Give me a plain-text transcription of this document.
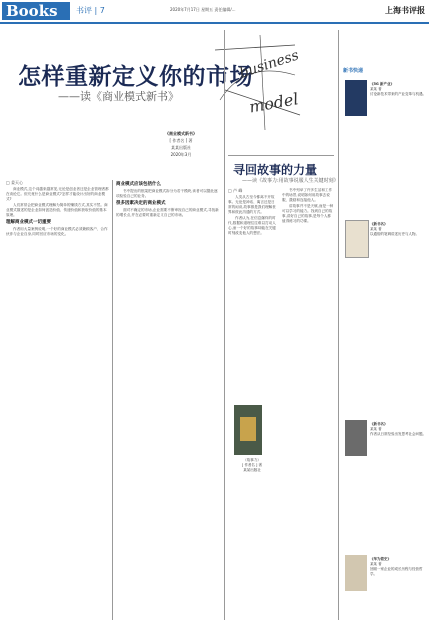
Books	书评 | 7	2020年7月17日 星期五 责任编辑/...	上海书评报
怎样重新定义你的市场
——读《商业模式新书》
business
model
《商业模式新书》
[ 作者名 ] 著
某某出版社
2020年3月
□ 姜天心
商业模式,这个词越来越常见,无论是创业者还是企业管理者都在谈论它。但究竟什么是商业模式?怎样才能设计出好的商业模式?
人们常常会把商业模式理解为简单的赚钱方式,其实不然。商业模式描述的是企业如何创造价值、传递价值和获取价值的基本原理。
理解商业模式一切重要
作者用大量案例说明,一个好的商业模式必须兼顾客户、合作伙伴与企业自身,同时回应市场的变化。
商业模式应该包括什么
书中提出的框架把商业模式拆分为若干模块,读者可以据此逐项检验自己的业务。
很多因素决定的商业模式
面对不确定的市场,企业需要不断审视自己的商业模式,寻找新的增长点,并在必要时重新定义自己的市场。
寻回故事的力量
——读《故事力:用故事说服人生关键时刻》
□ 卢 峰
人类从古至今都离不开故事。无论是神话、寓言还是日常的闲谈,故事都是我们理解世界和彼此沟通的方式。
作者认为,在信息爆炸的时代,数据和道理往往难以打动人心,而一个好的故事却能在关键时刻改变他人的想法。
书中列举了许多生活和工作中的场景,说明如何用故事去说服、激励和连接他人。
讲故事并不是天赋,而是一种可以学习的能力。找到自己的故事,讲好自己的故事,是每个人都值得练习的功课。
《故事力》
[ 作者名 ] 著
某某出版社
新书快递
《5G 新产业》
某某 著
讨论新技术带来的产业变革与机遇。
《新书名》
某某 著
以通俗的笔调讲述历史与人物。
《新书名》
某某 著
作者从日常经验出发思考社会问题。
《华为简史》
某某 著
回顾一家企业的成长历程与经营哲学。
